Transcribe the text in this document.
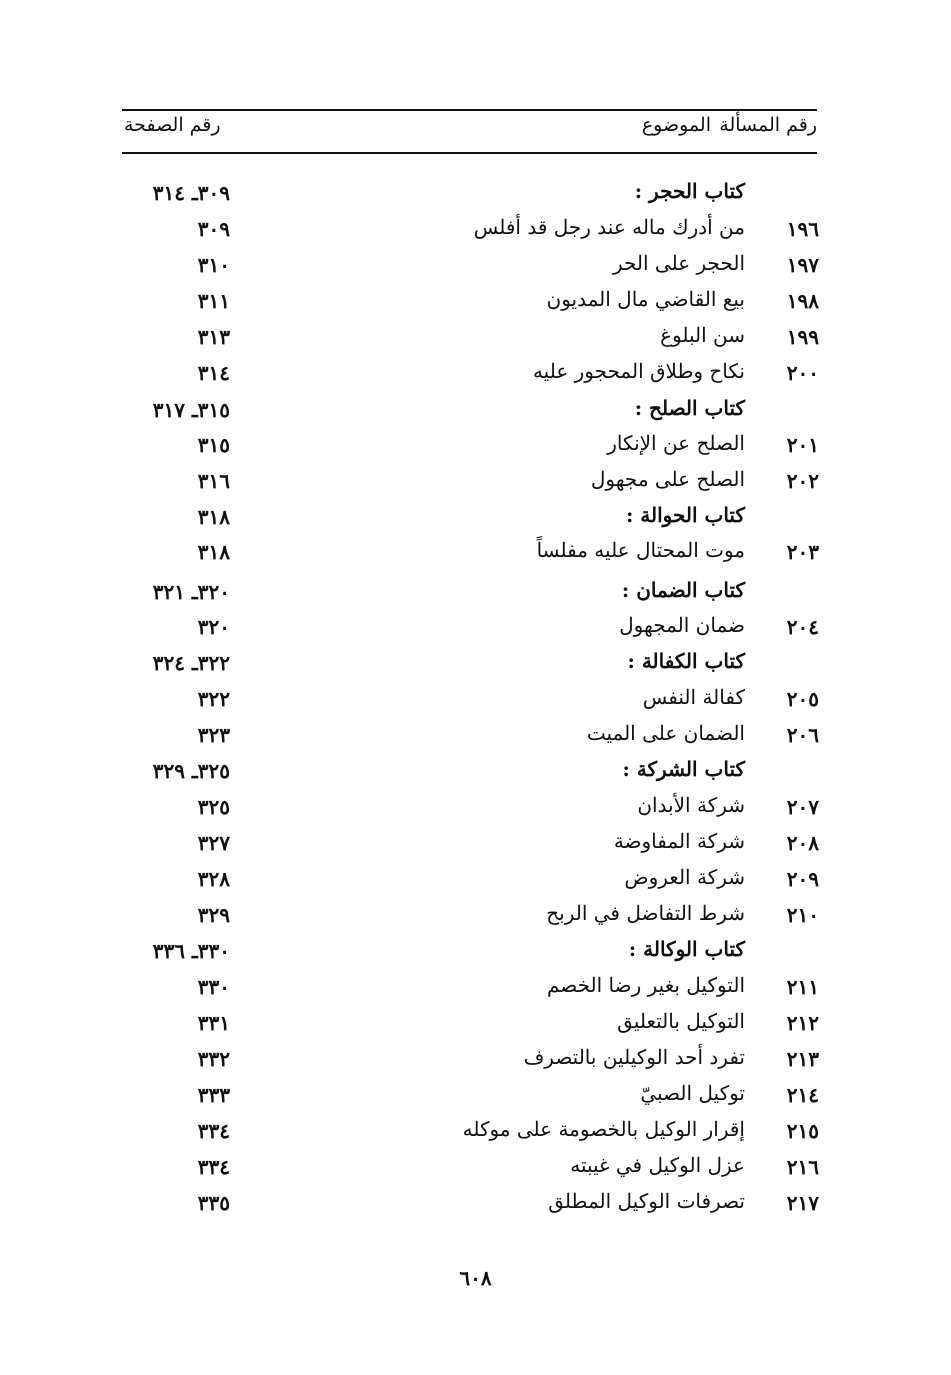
رقم المسألة
الموضوع
رقم الصفحة
كتاب الحجر :
٣٠٩ـ ٣١٤
١٩٦
من أدرك ماله عند رجل قد أفلس
٣٠٩
١٩٧
الحجر على الحر
٣١٠
١٩٨
بيع القاضي مال المديون
٣١١
١٩٩
سن البلوغ
٣١٣
٢٠٠
نكاح وطلاق المحجور عليه
٣١٤
كتاب الصلح :
٣١٥ـ ٣١٧
٢٠١
الصلح عن الإنكار
٣١٥
٢٠٢
الصلح على مجهول
٣١٦
كتاب الحوالة :
٣١٨
٢٠٣
موت المحتال عليه مفلساً
٣١٨
كتاب الضمان :
٣٢٠ـ ٣٢١
٢٠٤
ضمان المجهول
٣٢٠
كتاب الكفالة :
٣٢٢ـ ٣٢٤
٢٠٥
كفالة النفس
٣٢٢
٢٠٦
الضمان على الميت
٣٢٣
كتاب الشركة :
٣٢٥ـ ٣٢٩
٢٠٧
شركة الأبدان
٣٢٥
٢٠٨
شركة المفاوضة
٣٢٧
٢٠٩
شركة العروض
٣٢٨
٢١٠
شرط التفاضل في الربح
٣٢٩
كتاب الوكالة :
٣٣٠ـ ٣٣٦
٢١١
التوكيل بغير رضا الخصم
٣٣٠
٢١٢
التوكيل بالتعليق
٣٣١
٢١٣
تفرد أحد الوكيلين بالتصرف
٣٣٢
٢١٤
توكيل الصبيّ
٣٣٣
٢١٥
إقرار الوكيل بالخصومة على موكله
٣٣٤
٢١٦
عزل الوكيل في غيبته
٣٣٤
٢١٧
تصرفات الوكيل المطلق
٣٣٥
٦٠٨
